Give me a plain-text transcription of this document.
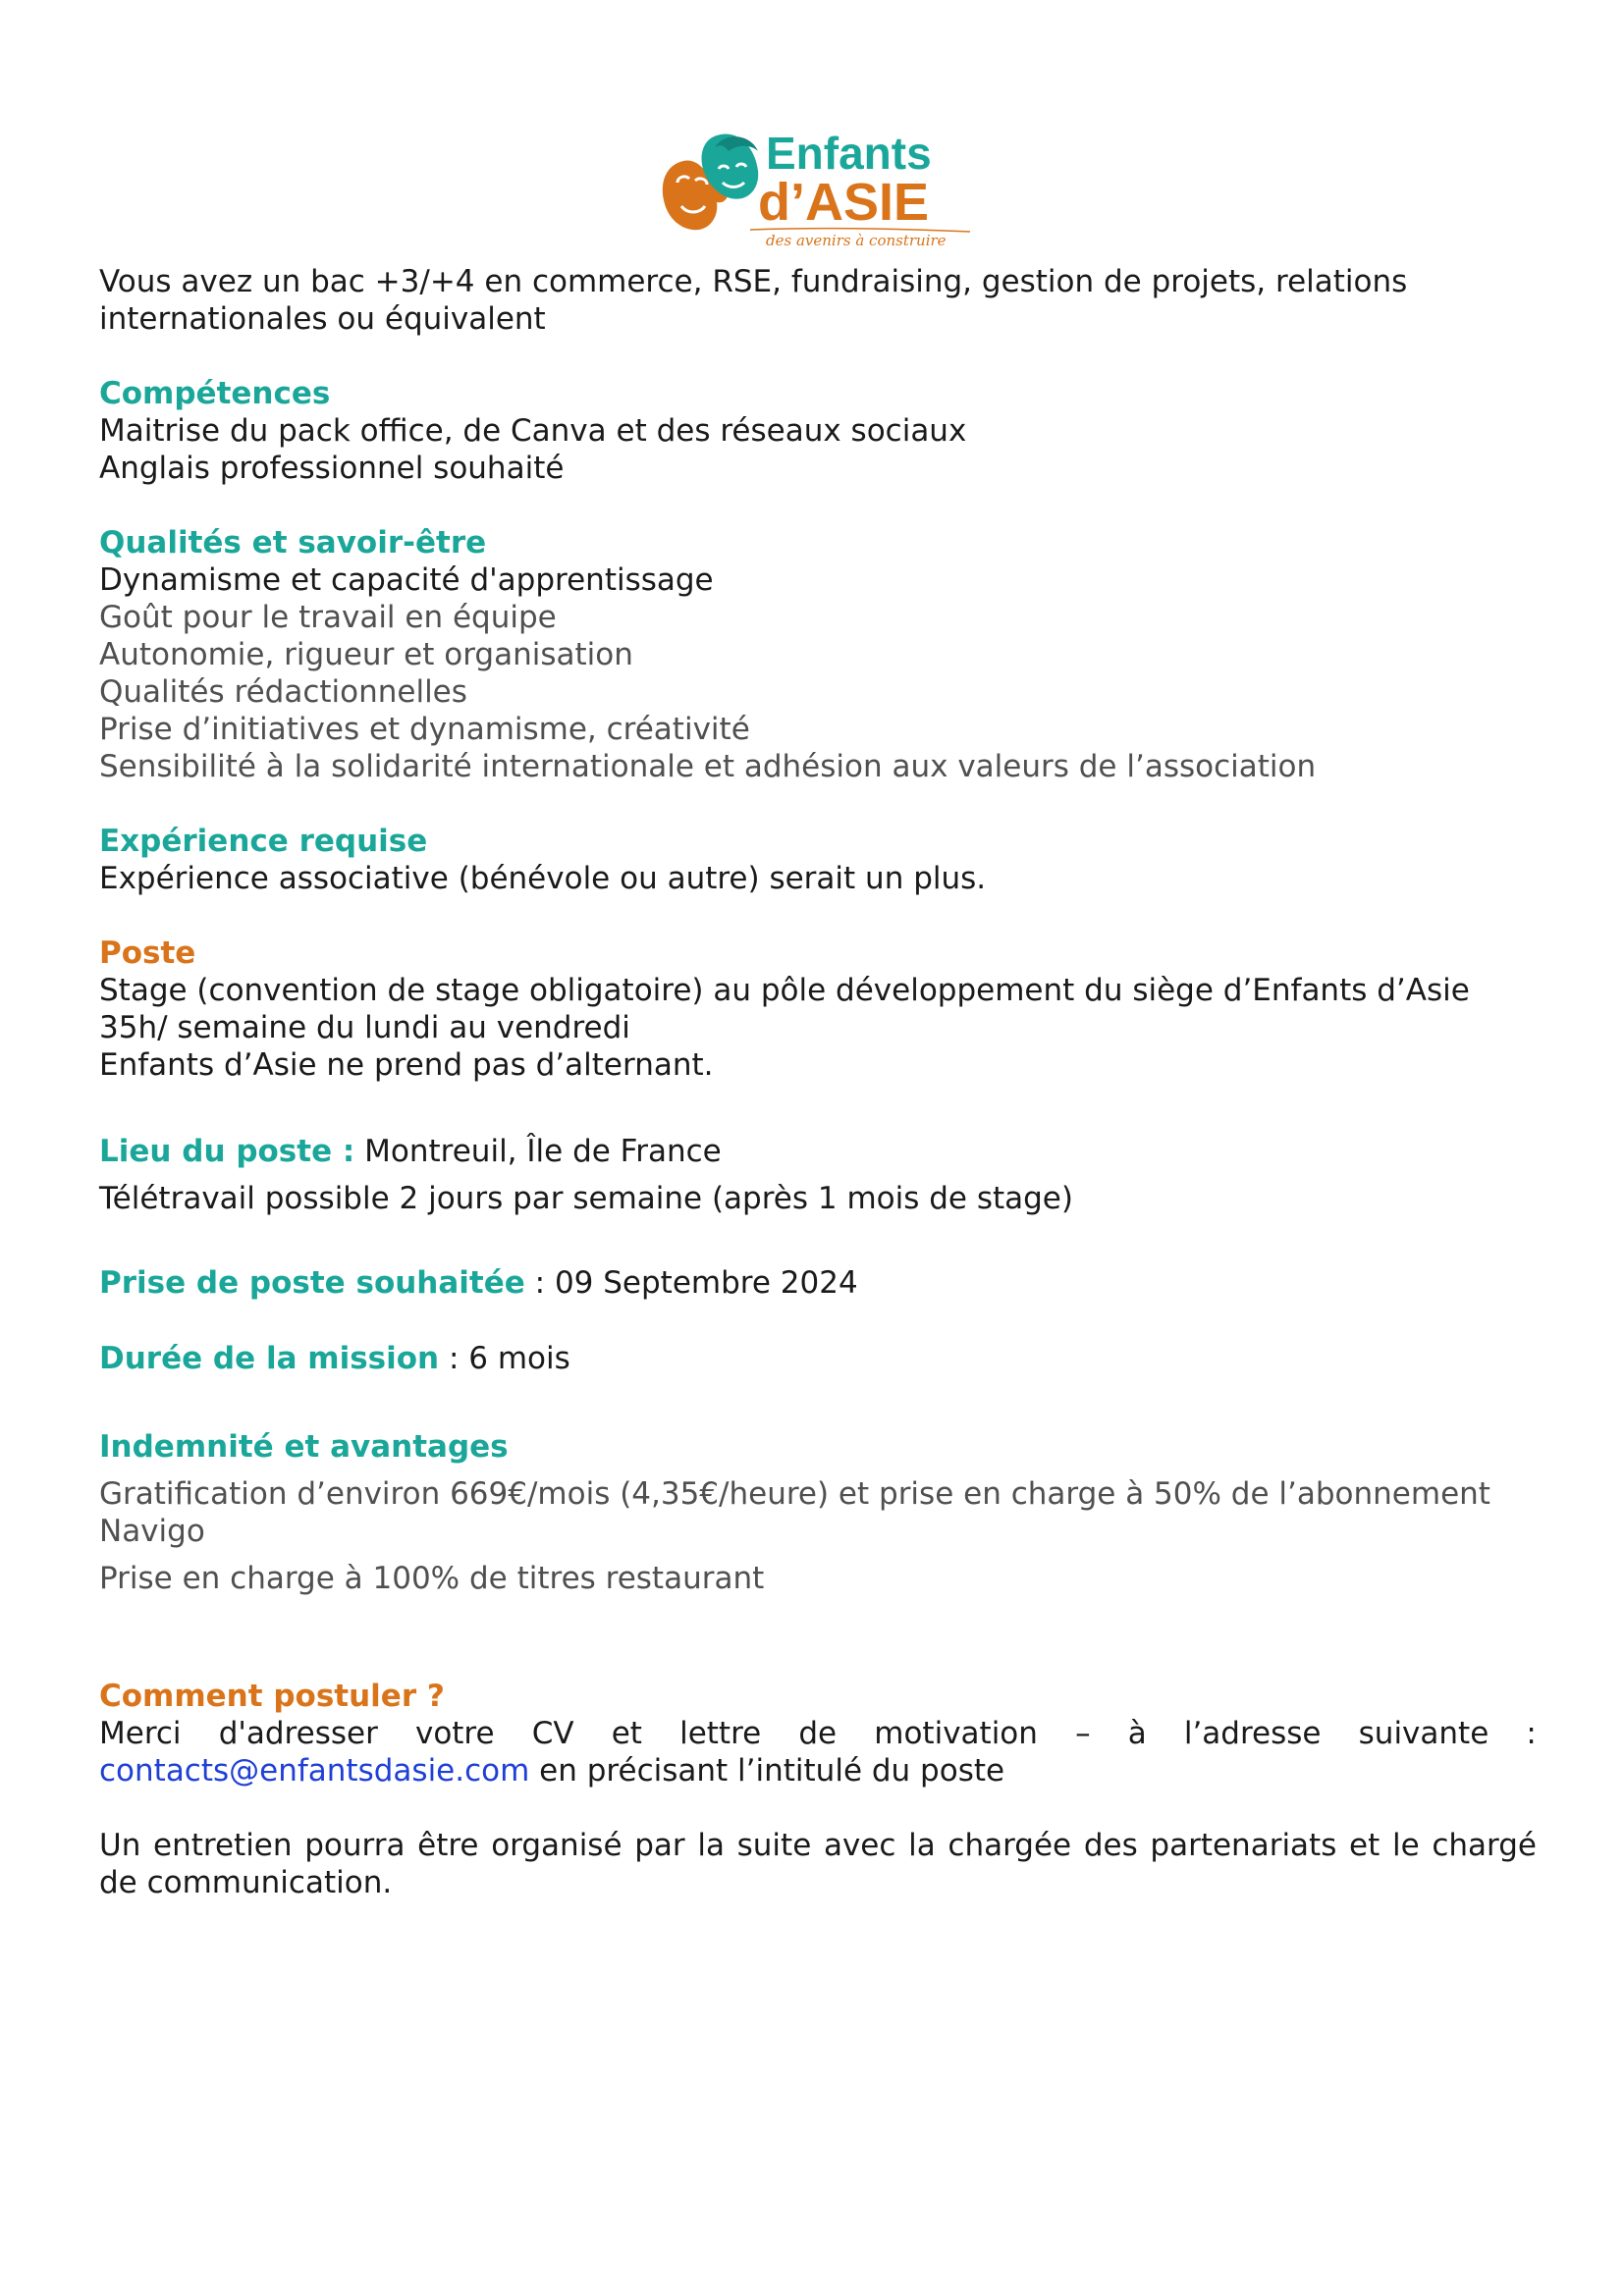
Enfants
d’ASIE
des avenirs à construire

Vous avez un bac +3/+4 en commerce, RSE, fundraising, gestion de projets, relations internationales ou équivalent

Compétences

Maitrise du pack office, de Canva et des réseaux sociaux

Anglais professionnel souhaité

Qualités et savoir-être

Dynamisme et capacité d'apprentissage

Goût pour le travail en équipe

Autonomie, rigueur et organisation

Qualités rédactionnelles

Prise d’initiatives et dynamisme, créativité

Sensibilité à la solidarité internationale et adhésion aux valeurs de l’association

Expérience requise

Expérience associative (bénévole ou autre) serait un plus.

Poste

Stage (convention de stage obligatoire) au pôle développement du siège d’Enfants d’Asie

35h/ semaine du lundi au vendredi

Enfants d’Asie ne prend pas d’alternant.

Lieu du poste : Montreuil, Île de France

Télétravail possible 2 jours par semaine (après 1 mois de stage)

Prise de poste souhaitée : 09 Septembre 2024

Durée de la mission : 6 mois

Indemnité et avantages

Gratification d’environ 669€/mois (4,35€/heure) et prise en charge à 50% de l’abonnement Navigo

Prise en charge à 100% de titres restaurant

Comment postuler ?

Merci d'adresser votre CV et lettre de motivation – à l’adresse suivante :

contacts@enfantsdasie.com en précisant l’intitulé du poste

Un entretien pourra être organisé par la suite avec la chargée des partenariats et le chargé de communication.
